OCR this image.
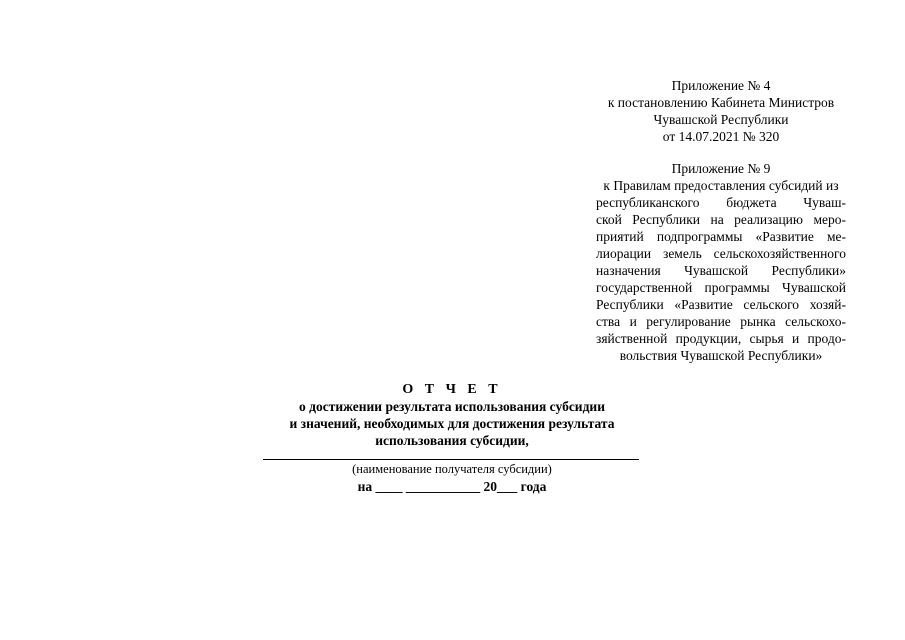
Приложение № 4
к постановлению Кабинета Министров
Чувашской Республики
от 14.07.2021 № 320
Приложение № 9
к Правилам предоставления субсидий из
республиканского бюджета Чуваш-
ской Республики на реализацию меро-
приятий подпрограммы «Развитие ме-
лиорации земель сельскохозяйственного
назначения Чувашской Республики»
государственной программы Чувашской
Республики «Развитие сельского хозяй-
ства и регулирование рынка сельскохо-
зяйственной продукции, сырья и продо-
вольствия Чувашской Республики»
О Т Ч Е Т
о достижении результата использования субсидии
и значений, необходимых для достижения результата
использования субсидии,
(наименование получателя субсидии)
на ____ ___________ 20___ года
